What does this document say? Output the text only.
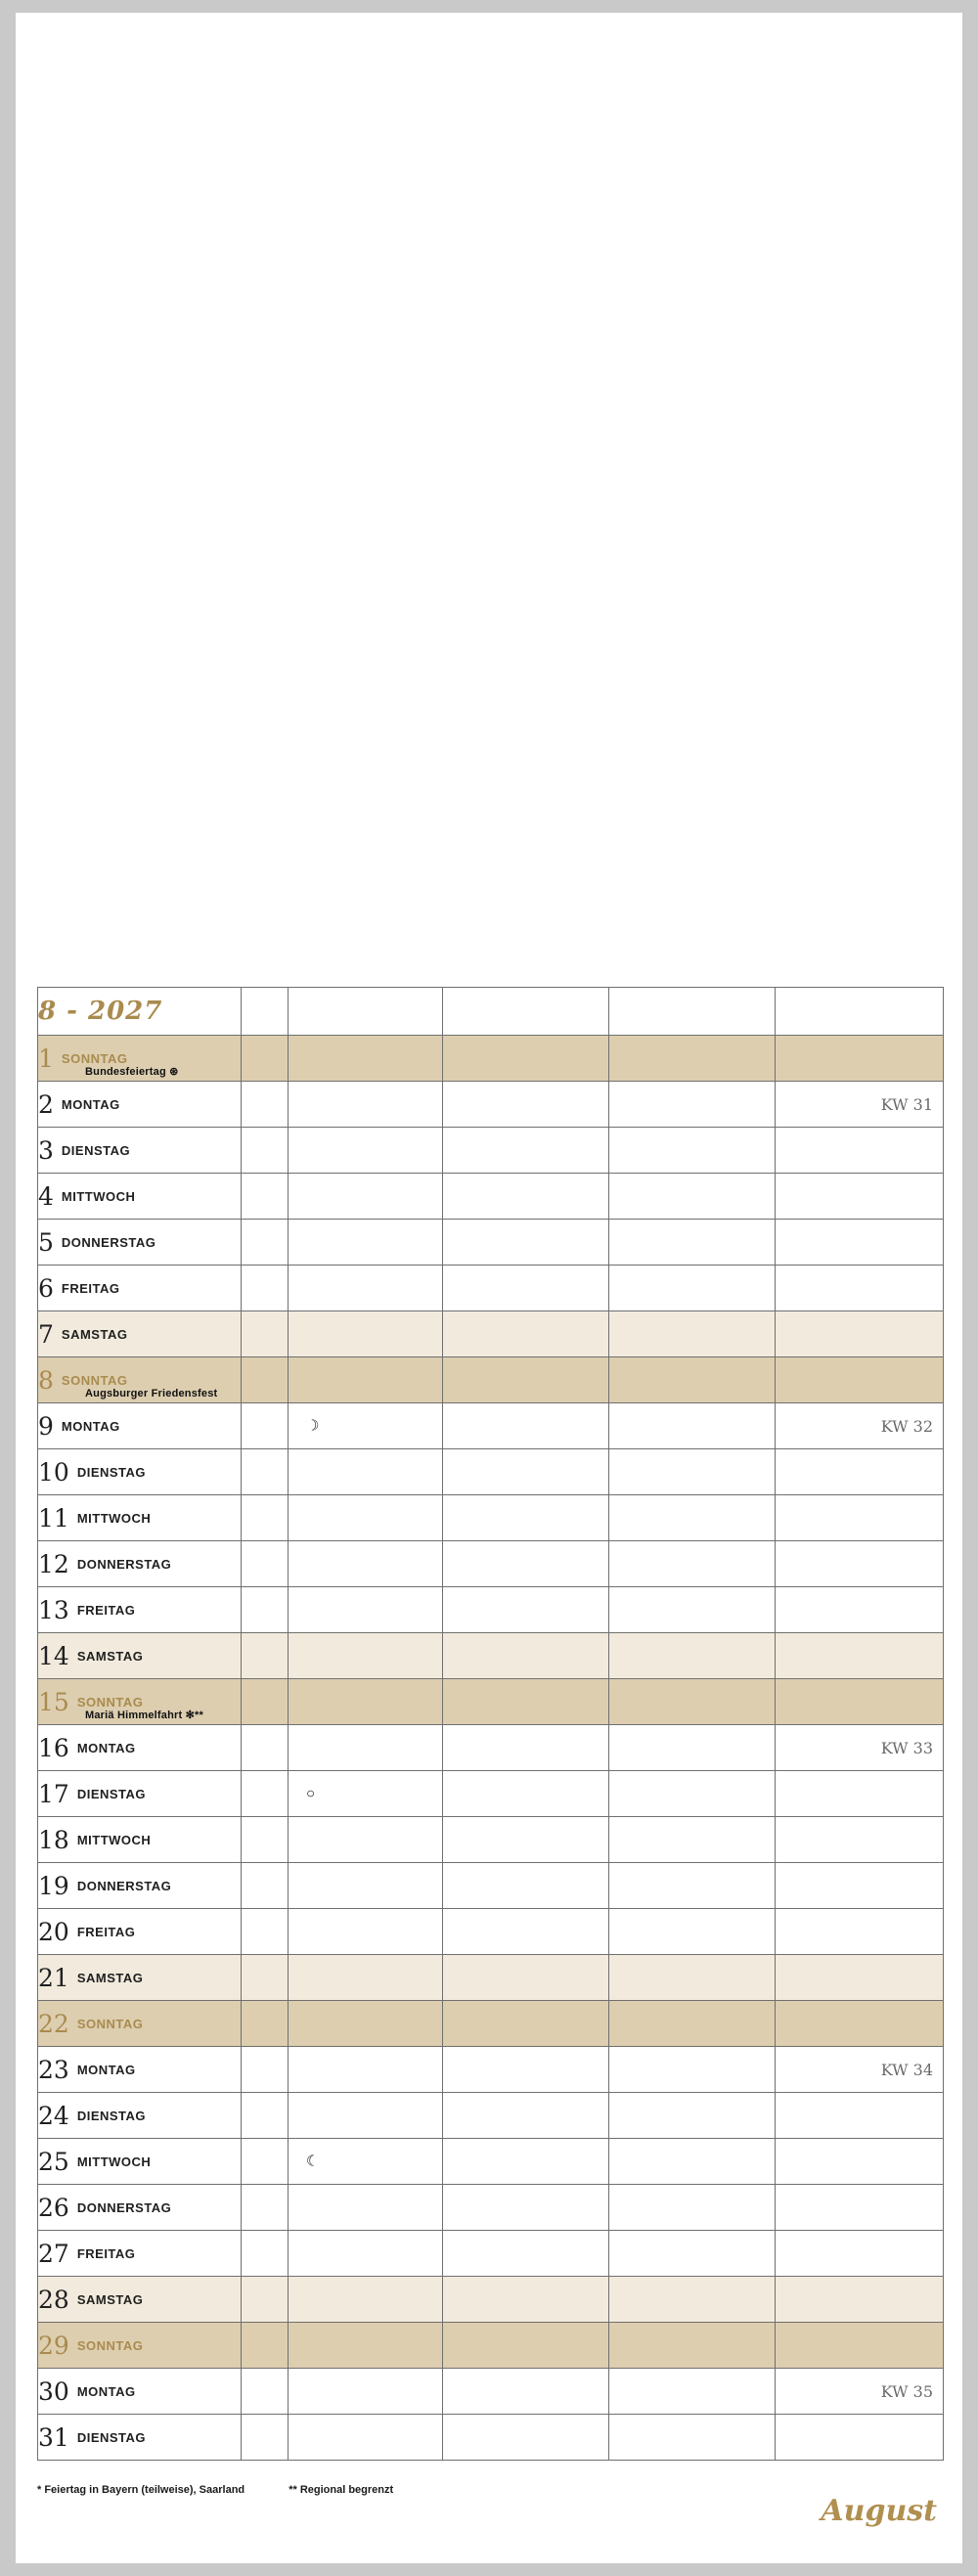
8 - 2027					
1 SONNTAG
Bundesfeiertag ⊛					

2 MONTAG					KW 31

3 DIENSTAG					
4 MITTWOCH					
5 DONNERSTAG					
6 FREITAG					
7 SAMSTAG					
8 SONNTAG
Augsburger Friedensfest					

9 MONTAG		☽			KW 32

10 DIENSTAG					
11 MITTWOCH					
12 DONNERSTAG					
13 FREITAG					
14 SAMSTAG					
15 SONNTAG
Mariä Himmelfahrt ✻**					

16 MONTAG					KW 33

17 DIENSTAG		○			

18 MITTWOCH					
19 DONNERSTAG					
20 FREITAG					
21 SAMSTAG					
22 SONNTAG					
23 MONTAG					KW 34

24 DIENSTAG					
25 MITTWOCH		☾			

26 DONNERSTAG					
27 FREITAG					
28 SAMSTAG					
29 SONNTAG					
30 MONTAG					KW 35

31 DIENSTAG		

* Feiertag in Bayern (teilweise), Saarland	** Regional begrenzt
August
